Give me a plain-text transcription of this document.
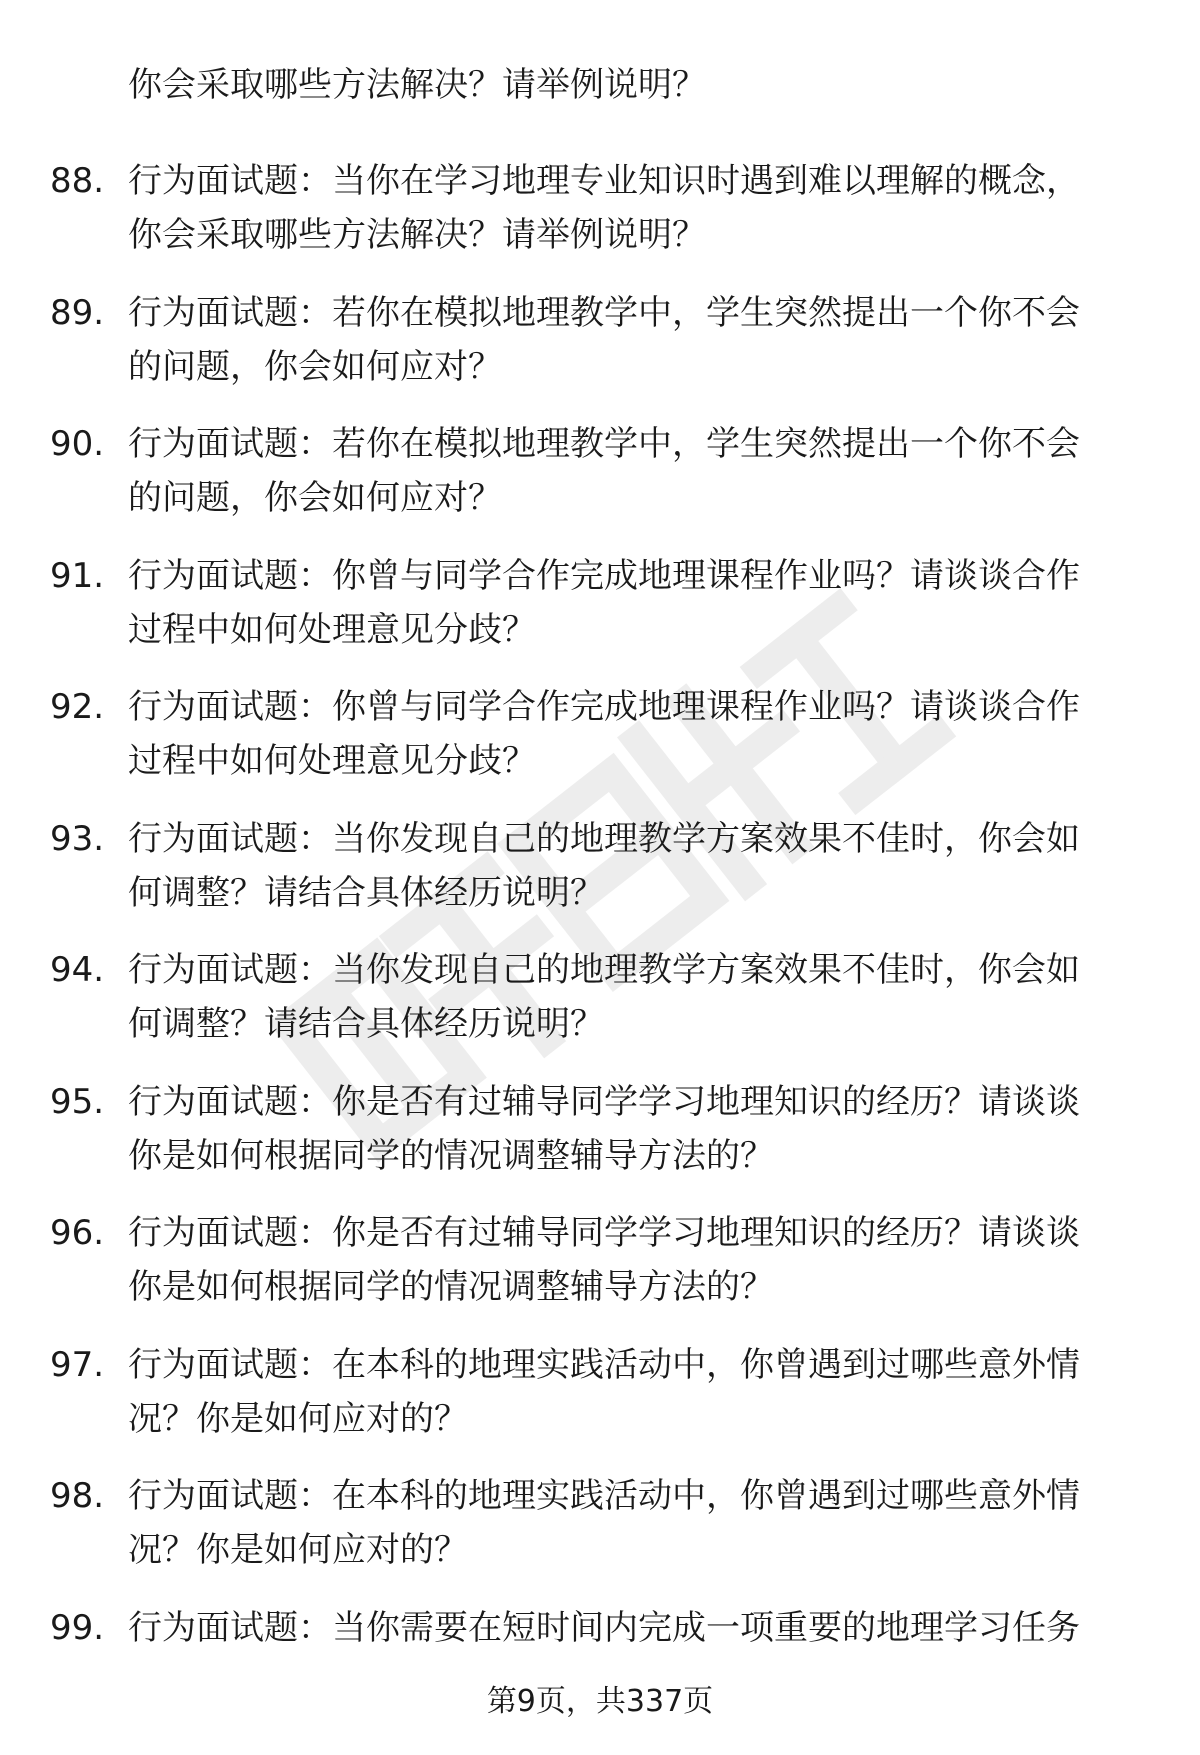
你会采取哪些方法解决？请举例说明？
88. 行为面试题：当你在学习地理专业知识时遇到难以理解的概念，
你会采取哪些方法解决？请举例说明？
89. 行为面试题：若你在模拟地理教学中，学生突然提出一个你不会
的问题，你会如何应对？
90. 行为面试题：若你在模拟地理教学中，学生突然提出一个你不会
的问题，你会如何应对？
91. 行为面试题：你曾与同学合作完成地理课程作业吗？请谈谈合作
过程中如何处理意见分歧？
92. 行为面试题：你曾与同学合作完成地理课程作业吗？请谈谈合作
过程中如何处理意见分歧？
93. 行为面试题：当你发现自己的地理教学方案效果不佳时，你会如
何调整？请结合具体经历说明？
94. 行为面试题：当你发现自己的地理教学方案效果不佳时，你会如
何调整？请结合具体经历说明？
95. 行为面试题：你是否有过辅导同学学习地理知识的经历？请谈谈
你是如何根据同学的情况调整辅导方法的？
96. 行为面试题：你是否有过辅导同学学习地理知识的经历？请谈谈
你是如何根据同学的情况调整辅导方法的？
97. 行为面试题：在本科的地理实践活动中，你曾遇到过哪些意外情
况？你是如何应对的？
98. 行为面试题：在本科的地理实践活动中，你曾遇到过哪些意外情
况？你是如何应对的？
99. 行为面试题：当你需要在短时间内完成一项重要的地理学习任务
第9页，共337页
